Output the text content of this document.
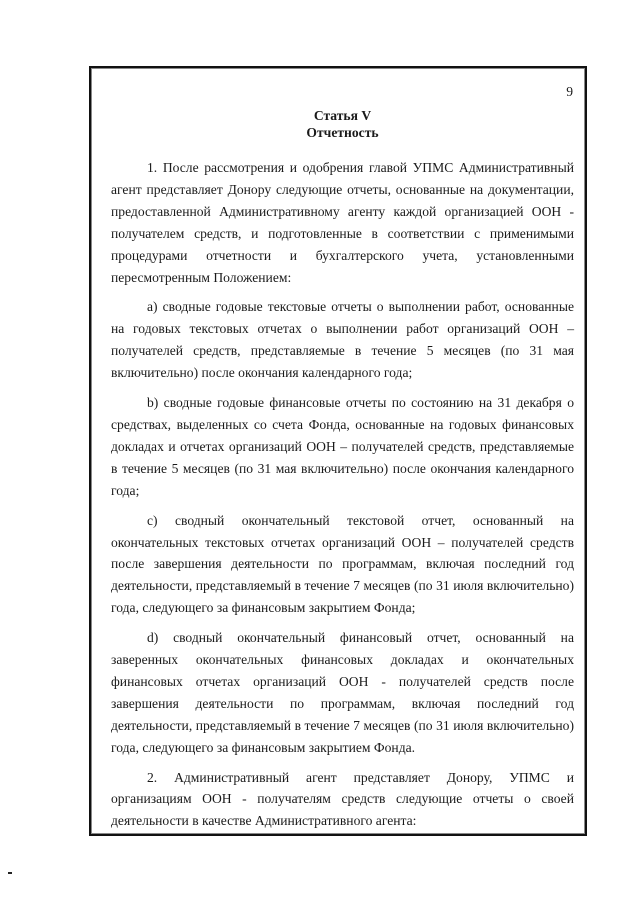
9
Статья V
Отчетность

1. После рассмотрения и одобрения главой УПМС Административный агент представляет Донору следующие отчеты, основанные на документации, предоставленной Административному агенту каждой организацией ООН - получателем средств, и подготовленные в соответствии с применимыми процедурами отчетности и бухгалтерского учета, установленными пересмотренным Положением:

a) сводные годовые текстовые отчеты о выполнении работ, основанные на годовых текстовых отчетах о выполнении работ организаций ООН – получателей средств, представляемые в течение 5 месяцев (по 31 мая включительно) после окончания календарного года;

b) сводные годовые финансовые отчеты по состоянию на 31 декабря о средствах, выделенных со счета Фонда, основанные на годовых финансовых докладах и отчетах организаций ООН – получателей средств, представляемые в течение 5 месяцев (по 31 мая включительно) после окончания календарного года;

c) сводный окончательный текстовой отчет, основанный на окончательных текстовых отчетах организаций ООН – получателей средств после завершения деятельности по программам, включая последний год деятельности, представляемый в течение 7 месяцев (по 31 июля включительно) года, следующего за финансовым закрытием Фонда;

d) сводный окончательный финансовый отчет, основанный на заверенных окончательных финансовых докладах и окончательных финансовых отчетах организаций ООН - получателей средств после завершения деятельности по программам, включая последний год деятельности, представляемый в течение 7 месяцев (по 31 июля включительно) года, следующего за финансовым закрытием Фонда.

2. Административный агент представляет Донору, УПМС и организациям ООН - получателям средств следующие отчеты о своей деятельности в качестве Административного агента:
